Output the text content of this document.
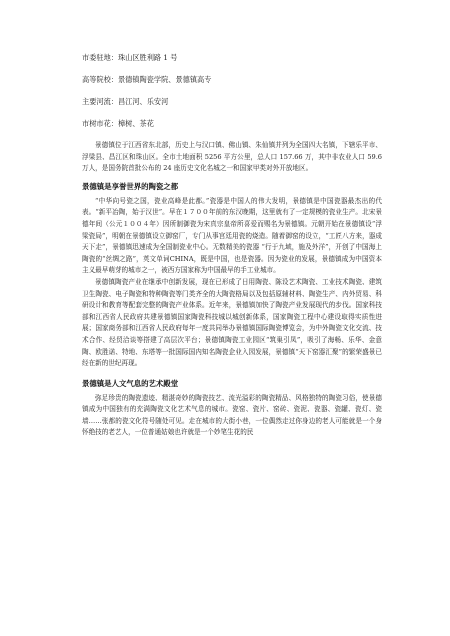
市委驻地：珠山区胜利路 1 号

高等院校：景德镇陶瓷学院、景德镇高专

主要河流：昌江河、乐安河

市树市花：樟树、茶花

景德镇位于江西省东北部，历史上与汉口镇、佛山镇、朱仙镇并列为全国四大名镇，下辖乐平市、浮梁县、昌江区和珠山区。全市土地面积 5256 平方公里，总人口 157.66 万，其中非农业人口 59.6 万人，是国务院首批公布的 24 座历史文化名城之一和国家甲类对外开放地区。

景德镇是享誉世界的陶瓷之都

“中华向号瓷之国，瓷业高峰是此都。”瓷器是中国人的伟大发明，景德镇是中国瓷器最杰出的代表。“新平冶陶，始于汉世”。早在１７００年前的东汉晚期，这里就有了一定规模的瓷业生产。北宋景德年间（公元１００４年）因所制御瓷为宋真宗皇帝所喜爱而赐名为景德镇。元朝开始在景德镇设“浮梁瓷局”，明朝在景德镇设立御窑厂，专门从事宫廷用瓷的烧造。随着御窑的设立，“工匠八方来，器成天下走”，景德镇迅速成为全国制瓷业中心。无数精美的瓷器 “行于九域，施及外洋”，开创了中国海上陶瓷的“丝绸之路”，英文单词CHINA，既是中国，也是瓷器。因为瓷业的发展，景德镇成为中国资本主义最早萌芽的城市之一，被西方国家称为中国最早的手工业城市。

景德镇陶瓷产业在继承中创新发展，现在已形成了日用陶瓷、陈设艺术陶瓷、工业技术陶瓷、建筑卫生陶瓷、电子陶瓷和特种陶瓷等门类齐全的大陶瓷格局以及包括原辅材料、陶瓷生产、内外贸易、科研设计和教育等配套完整的陶瓷产业体系。近年来，景德镇加快了陶瓷产业发展现代的步伐。国家科技部和江西省人民政府共建景德镇国家陶瓷科技城以城创新体系，国家陶瓷工程中心建设取得实质性进展；国家商务部和江西省人民政府每年一度共同举办景德镇国际陶瓷博览会，为中外陶瓷文化交流、技术合作、经贸洽谈等搭建了高层次平台；景德镇陶瓷工业园区“筑巢引凤”，吸引了海畅、乐华、金意陶、欧胜诺、特地、东塔等一批国际国内知名陶瓷企业入园发展，景德镇“天下窑器汇聚”的繁荣盛景已经在新的世纪再现。

景德镇是人文气息的艺术殿堂

弥足珍贵的陶瓷遗迹、精湛奇妙的陶瓷技艺、流光溢彩的陶瓷精品、风格独特的陶瓷习俗，使景德镇成为中国独有的充满陶瓷文化艺术气息的城市。瓷窑、瓷片、窑砖、瓷泥、瓷器、瓷罐、瓷灯、瓷墙……张都的瓷文化符号随处可见。走在城市的大街小巷，一位偶然走过你身边的老人可能就是一个身怀绝技的老艺人，一位普通姑娘也许就是一个妙笔生花的民
